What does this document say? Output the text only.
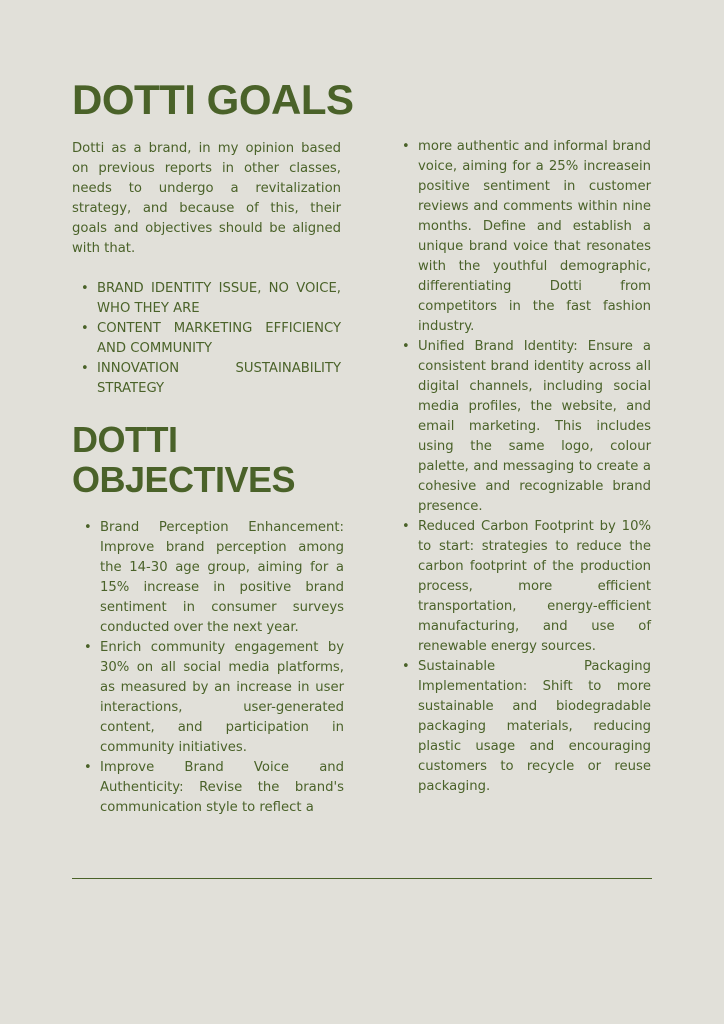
DOTTI GOALS

Dotti as a brand, in my opinion based on previous reports in other classes, needs to undergo a revitalization strategy, and because of this, their goals and objectives should be aligned with that.

• BRAND IDENTITY ISSUE, NO VOICE, WHO THEY ARE
• CONTENT MARKETING EFFICIENCY AND COMMUNITY
• INNOVATION SUSTAINABILITY STRATEGY
DOTTI OBJECTIVES
• Brand Perception Enhancement: Improve brand perception among the 14-30 age group, aiming for a 15% increase in positive brand sentiment in consumer surveys conducted over the next year.
• Enrich community engagement by 30% on all social media platforms, as measured by an increase in user interactions, user-generated content, and participation in community initiatives.
• Improve Brand Voice and Authenticity: Revise the brand's communication style to reflect a
• more authentic and informal brand voice, aiming for a 25% increasein positive sentiment in customer reviews and comments within nine months. Define and establish a unique brand voice that resonates with the youthful demographic, differentiating Dotti from competitors in the fast fashion industry.
• Unified Brand Identity: Ensure a consistent brand identity across all digital channels, including social media profiles, the website, and email marketing. This includes using the same logo, colour palette, and messaging to create a cohesive and recognizable brand presence.
• Reduced Carbon Footprint by 10% to start: strategies to reduce the carbon footprint of the production process, more efficient transportation, energy-efficient manufacturing, and use of renewable energy sources.
• Sustainable Packaging Implementation: Shift to more sustainable and biodegradable packaging materials, reducing plastic usage and encouraging customers to recycle or reuse packaging.
